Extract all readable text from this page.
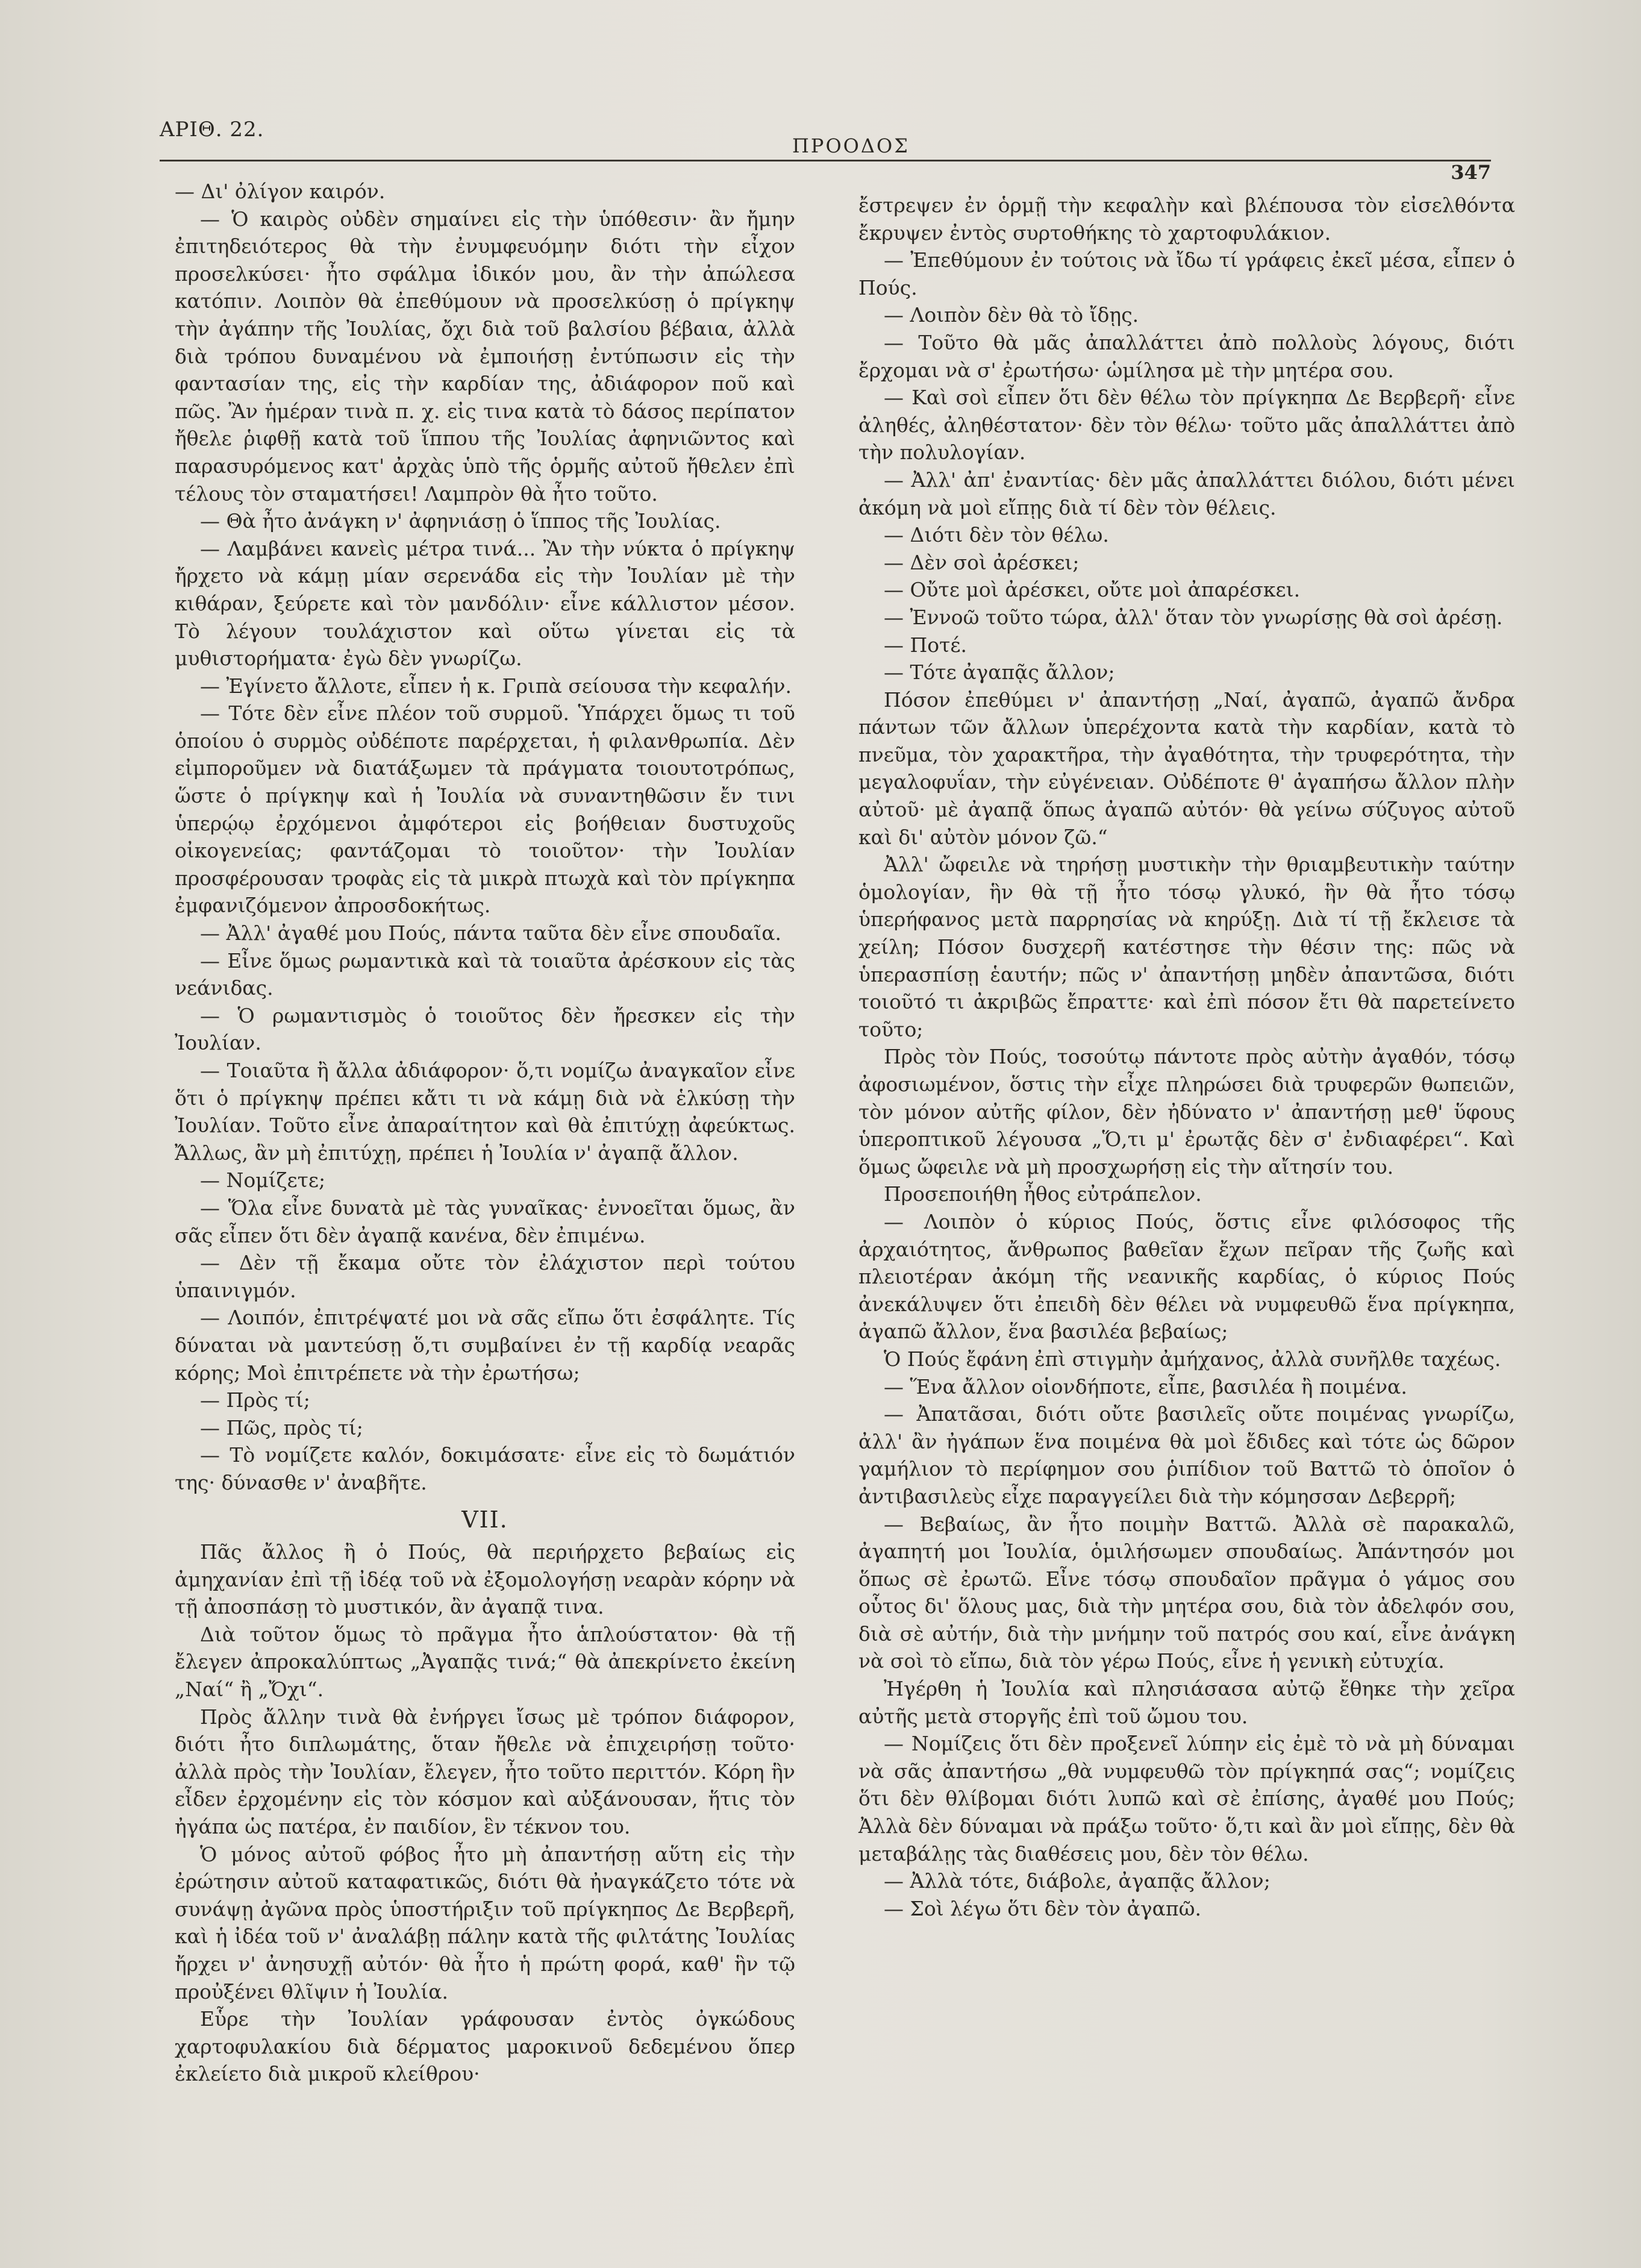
ΑΡΙΘ. 22.
ΠΡΟΟΔΟΣ
347

— Δι' ὀλίγον καιρόν.

— Ὁ καιρὸς οὐδὲν σημαίνει εἰς τὴν ὑπόθεσιν· ἂν ἤμην ἐπιτηδειότερος θὰ τὴν ἐνυμφευόμην διότι τὴν εἶχον προσελκύσει· ἦτο σφάλμα ἰδικόν μου, ἂν τὴν ἀπώλεσα κατόπιν. Λοιπὸν θὰ ἐπεθύμουν νὰ προσελκύσῃ ὁ πρίγκηψ τὴν ἀγάπην τῆς Ἰουλίας, ὄχι διὰ τοῦ βαλσίου βέβαια, ἀλλὰ διὰ τρόπου δυναμένου νὰ ἐμποιήσῃ ἐντύπωσιν εἰς τὴν φαντασίαν της, εἰς τὴν καρδίαν της, ἀδιάφορον ποῦ καὶ πῶς. Ἂν ἡμέραν τινὰ π. χ. εἰς τινα κατὰ τὸ δάσος περίπατον ἤθελε ῥιφθῇ κατὰ τοῦ ἵππου τῆς Ἰουλίας ἀφηνιῶντος καὶ παρασυρόμενος κατ' ἀρχὰς ὑπὸ τῆς ὁρμῆς αὐτοῦ ἤθελεν ἐπὶ τέλους τὸν σταματήσει! Λαμπρὸν θὰ ἦτο τοῦτο.

— Θὰ ἦτο ἀνάγκη ν' ἀφηνιάσῃ ὁ ἵππος τῆς Ἰουλίας.

— Λαμβάνει κανεὶς μέτρα τινά... Ἂν τὴν νύκτα ὁ πρίγκηψ ἤρχετο νὰ κάμῃ μίαν σερενάδα εἰς τὴν Ἰουλίαν μὲ τὴν κιθάραν, ξεύρετε καὶ τὸν μανδόλιν· εἶνε κάλλιστον μέσον. Τὸ λέγουν τουλάχιστον καὶ οὕτω γίνεται εἰς τὰ μυθιστορήματα· ἐγὼ δὲν γνωρίζω.

— Ἐγίνετο ἄλλοτε, εἶπεν ἡ κ. Γριπὰ σείουσα τὴν κεφαλήν.

— Τότε δὲν εἶνε πλέον τοῦ συρμοῦ. Ὑπάρχει ὅμως τι τοῦ ὁποίου ὁ συρμὸς οὐδέποτε παρέρχεται, ἡ φιλανθρωπία. Δὲν εἰμποροῦμεν νὰ διατάξωμεν τὰ πράγματα τοιουτοτρόπως, ὥστε ὁ πρίγκηψ καὶ ἡ Ἰουλία νὰ συναντηθῶσιν ἔν τινι ὑπερῴῳ ἐρχόμενοι ἀμφότεροι εἰς βοήθειαν δυστυχοῦς οἰκογενείας; φαντάζομαι τὸ τοιοῦτον· τὴν Ἰουλίαν προσφέρουσαν τροφὰς εἰς τὰ μικρὰ πτωχὰ καὶ τὸν πρίγκηπα ἐμφανιζόμενον ἀπροσδοκήτως.

— Ἀλλ' ἀγαθέ μου Πούς, πάντα ταῦτα δὲν εἶνε σπουδαῖα.

— Εἶνε ὅμως ρωμαντικὰ καὶ τὰ τοιαῦτα ἀρέσκουν εἰς τὰς νεάνιδας.

— Ὁ ρωμαντισμὸς ὁ τοιοῦτος δὲν ἤρεσκεν εἰς τὴν Ἰουλίαν.

— Τοιαῦτα ἢ ἄλλα ἀδιάφορον· ὅ,τι νομίζω ἀναγκαῖον εἶνε ὅτι ὁ πρίγκηψ πρέπει κἄτι τι νὰ κάμῃ διὰ νὰ ἑλκύσῃ τὴν Ἰουλίαν. Τοῦτο εἶνε ἀπαραίτητον καὶ θὰ ἐπιτύχῃ ἀφεύκτως. Ἄλλως, ἂν μὴ ἐπιτύχῃ, πρέπει ἡ Ἰουλία ν' ἀγαπᾷ ἄλλον.

— Νομίζετε;

— Ὅλα εἶνε δυνατὰ μὲ τὰς γυναῖκας· ἐννοεῖται ὅμως, ἂν σᾶς εἶπεν ὅτι δὲν ἀγαπᾷ κανένα, δὲν ἐπιμένω.

— Δὲν τῇ ἔκαμα οὔτε τὸν ἐλάχιστον περὶ τούτου ὑπαινιγμόν.

— Λοιπόν, ἐπιτρέψατέ μοι νὰ σᾶς εἴπω ὅτι ἐσφάλητε. Τίς δύναται νὰ μαντεύσῃ ὅ,τι συμβαίνει ἐν τῇ καρδίᾳ νεαρᾶς κόρης; Μοὶ ἐπιτρέπετε νὰ τὴν ἐρωτήσω;

— Πρὸς τί;

— Πῶς, πρὸς τί;

— Τὸ νομίζετε καλόν, δοκιμάσατε· εἶνε εἰς τὸ δωμάτιόν της· δύνασθε ν' ἀναβῆτε.

VII.

Πᾶς ἄλλος ἢ ὁ Πούς, θὰ περιήρχετο βεβαίως εἰς ἀμηχανίαν ἐπὶ τῇ ἰδέᾳ τοῦ νὰ ἐξομολογήσῃ νεαρὰν κόρην νὰ τῇ ἀποσπάσῃ τὸ μυστικόν, ἂν ἀγαπᾷ τινα.

Διὰ τοῦτον ὅμως τὸ πρᾶγμα ἦτο ἁπλούστατον· θὰ τῇ ἔλεγεν ἀπροκαλύπτως „Ἀγαπᾷς τινά;“ θὰ ἀπεκρίνετο ἐκείνη „Ναί“ ἢ „Ὄχι“.

Πρὸς ἄλλην τινὰ θὰ ἐνήργει ἴσως μὲ τρόπον διάφορον, διότι ἦτο διπλωμάτης, ὅταν ἤθελε νὰ ἐπιχειρήσῃ τοῦτο· ἀλλὰ πρὸς τὴν Ἰουλίαν, ἔλεγεν, ἦτο τοῦτο περιττόν. Κόρη ἣν εἶδεν ἐρχομένην εἰς τὸν κόσμον καὶ αὐξάνουσαν, ἥτις τὸν ἠγάπα ὡς πατέρα, ἐν παιδίον, ἓν τέκνον του.

Ὁ μόνος αὐτοῦ φόβος ἦτο μὴ ἀπαντήσῃ αὕτη εἰς τὴν ἐρώτησιν αὐτοῦ καταφατικῶς, διότι θὰ ἠναγκάζετο τότε νὰ συνάψῃ ἀγῶνα πρὸς ὑποστήριξιν τοῦ πρίγκηπος Δε Βερβερῆ, καὶ ἡ ἰδέα τοῦ ν' ἀναλάβῃ πάλην κατὰ τῆς φιλτάτης Ἰουλίας ἤρχει ν' ἀνησυχῇ αὐτόν· θὰ ἦτο ἡ πρώτη φορά, καθ' ἣν τῷ προὐξένει θλῖψιν ἡ Ἰουλία.

Εὗρε τὴν Ἰουλίαν γράφουσαν ἐντὸς ὀγκώδους χαρτοφυλακίου διὰ δέρματος μαροκινοῦ δεδεμένου ὅπερ ἐκλείετο διὰ μικροῦ κλείθρου·

ἔστρεψεν ἐν ὁρμῇ τὴν κεφαλὴν καὶ βλέπουσα τὸν εἰσελθόντα ἔκρυψεν ἐντὸς συρτοθήκης τὸ χαρτοφυλάκιον.

— Ἐπεθύμουν ἐν τούτοις νὰ ἴδω τί γράφεις ἐκεῖ μέσα, εἶπεν ὁ Πούς.

— Λοιπὸν δὲν θὰ τὸ ἴδῃς.

— Τοῦτο θὰ μᾶς ἀπαλλάττει ἀπὸ πολλοὺς λόγους, διότι ἔρχομαι νὰ σ' ἐρωτήσω· ὡμίλησα μὲ τὴν μητέρα σου.

— Καὶ σοὶ εἶπεν ὅτι δὲν θέλω τὸν πρίγκηπα Δε Βερβερῆ· εἶνε ἀληθές, ἀληθέστατον· δὲν τὸν θέλω· τοῦτο μᾶς ἀπαλλάττει ἀπὸ τὴν πολυλογίαν.

— Ἀλλ' ἀπ' ἐναντίας· δὲν μᾶς ἀπαλλάττει διόλου, διότι μένει ἀκόμη νὰ μοὶ εἴπῃς διὰ τί δὲν τὸν θέλεις.

— Διότι δὲν τὸν θέλω.

— Δὲν σοὶ ἀρέσκει;

— Οὔτε μοὶ ἀρέσκει, οὔτε μοὶ ἀπαρέσκει.

— Ἐννοῶ τοῦτο τώρα, ἀλλ' ὅταν τὸν γνωρίσῃς θὰ σοὶ ἀρέσῃ.

— Ποτέ.

— Τότε ἀγαπᾷς ἄλλον;

Πόσον ἐπεθύμει ν' ἀπαντήσῃ „Ναί, ἀγαπῶ, ἀγαπῶ ἄνδρα πάντων τῶν ἄλλων ὑπερέχοντα κατὰ τὴν καρδίαν, κατὰ τὸ πνεῦμα, τὸν χαρακτῆρα, τὴν ἀγαθότητα, τὴν τρυφερότητα, τὴν μεγαλοφυΐαν, τὴν εὐγένειαν. Οὐδέποτε θ' ἀγαπήσω ἄλλον πλὴν αὐτοῦ· μὲ ἀγαπᾷ ὅπως ἀγαπῶ αὐτόν· θὰ γείνω σύζυγος αὐτοῦ καὶ δι' αὐτὸν μόνον ζῶ.“

Ἀλλ' ὤφειλε νὰ τηρήσῃ μυστικὴν τὴν θριαμβευτικὴν ταύτην ὁμολογίαν, ἣν θὰ τῇ ἦτο τόσῳ γλυκό, ἣν θὰ ἦτο τόσῳ ὑπερήφανος μετὰ παρρησίας νὰ κηρύξῃ. Διὰ τί τῇ ἔκλεισε τὰ χείλη; Πόσον δυσχερῆ κατέστησε τὴν θέσιν της: πῶς νὰ ὑπερασπίσῃ ἑαυτήν; πῶς ν' ἀπαντήσῃ μηδὲν ἀπαντῶσα, διότι τοιοῦτό τι ἀκριβῶς ἔπραττε· καὶ ἐπὶ πόσον ἔτι θὰ παρετείνετο τοῦτο;

Πρὸς τὸν Πούς, τοσούτῳ πάντοτε πρὸς αὐτὴν ἀγαθόν, τόσῳ ἀφοσιωμένον, ὅστις τὴν εἶχε πληρώσει διὰ τρυφερῶν θωπειῶν, τὸν μόνον αὐτῆς φίλον, δὲν ἠδύνατο ν' ἀπαντήσῃ μεθ' ὕφους ὑπεροπτικοῦ λέγουσα „Ὅ,τι μ' ἐρωτᾷς δὲν σ' ἐνδιαφέρει“. Καὶ ὅμως ὤφειλε νὰ μὴ προσχωρήσῃ εἰς τὴν αἴτησίν του.

Προσεποιήθη ἦθος εὐτράπελον.

— Λοιπὸν ὁ κύριος Πούς, ὅστις εἶνε φιλόσοφος τῆς ἀρχαιότητος, ἄνθρωπος βαθεῖαν ἔχων πεῖραν τῆς ζωῆς καὶ πλειοτέραν ἀκόμη τῆς νεανικῆς καρδίας, ὁ κύριος Πούς ἀνεκάλυψεν ὅτι ἐπειδὴ δὲν θέλει νὰ νυμφευθῶ ἕνα πρίγκηπα, ἀγαπῶ ἄλλον, ἕνα βασιλέα βεβαίως;

Ὁ Πούς ἔφάνη ἐπὶ στιγμὴν ἀμήχανος, ἀλλὰ συνῆλθε ταχέως.

— Ἕνα ἄλλον οἱονδήποτε, εἶπε, βασιλέα ἢ ποιμένα.

— Ἀπατᾶσαι, διότι οὔτε βασιλεῖς οὔτε ποιμένας γνωρίζω, ἀλλ' ἂν ἠγάπων ἕνα ποιμένα θὰ μοὶ ἔδιδες καὶ τότε ὡς δῶρον γαμήλιον τὸ περίφημον σου ῥιπίδιον τοῦ Βαττῶ τὸ ὁποῖον ὁ ἀντιβασιλεὺς εἶχε παραγγείλει διὰ τὴν κόμησσαν Δεβερρῆ;

— Βεβαίως, ἂν ἦτο ποιμὴν Βαττῶ. Ἀλλὰ σὲ παρακαλῶ, ἀγαπητή μοι Ἰουλία, ὁμιλήσωμεν σπουδαίως. Ἀπάντησόν μοι ὅπως σὲ ἐρωτῶ. Εἶνε τόσῳ σπουδαῖον πρᾶγμα ὁ γάμος σου οὗτος δι' ὅλους μας, διὰ τὴν μητέρα σου, διὰ τὸν ἀδελφόν σου, διὰ σὲ αὐτήν, διὰ τὴν μνήμην τοῦ πατρός σου καί, εἶνε ἀνάγκη νὰ σοὶ τὸ εἴπω, διὰ τὸν γέρω Πούς, εἶνε ἡ γενικὴ εὐτυχία.

Ἠγέρθη ἡ Ἰουλία καὶ πλησιάσασα αὐτῷ ἔθηκε τὴν χεῖρα αὐτῆς μετὰ στοργῆς ἐπὶ τοῦ ὤμου του.

— Νομίζεις ὅτι δὲν προξενεῖ λύπην εἰς ἐμὲ τὸ νὰ μὴ δύναμαι νὰ σᾶς ἀπαντήσω „θὰ νυμφευθῶ τὸν πρίγκηπά σας“; νομίζεις ὅτι δὲν θλίβομαι διότι λυπῶ καὶ σὲ ἐπίσης, ἀγαθέ μου Πούς; Ἀλλὰ δὲν δύναμαι νὰ πράξω τοῦτο· ὅ,τι καὶ ἂν μοὶ εἴπῃς, δὲν θὰ μεταβάλῃς τὰς διαθέσεις μου, δὲν τὸν θέλω.

— Ἀλλὰ τότε, διάβολε, ἀγαπᾷς ἄλλον;

— Σοὶ λέγω ὅτι δὲν τὸν ἀγαπῶ.
